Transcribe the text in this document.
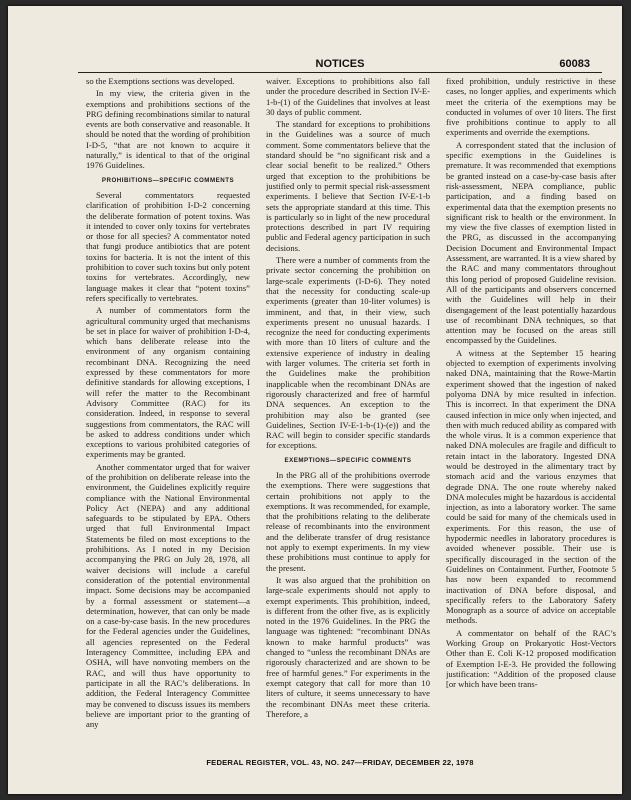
NOTICES	60083

so the Exemptions sections was developed.

In my view, the criteria given in the exemptions and prohibitions sections of the PRG defining recombinations similar to natural events are both conservative and reasonable. It should be noted that the wording of prohibition I-D-5, “that are not known to acquire it naturally,” is identical to that of the original 1976 Guidelines.

PROHIBITIONS—SPECIFIC COMMENTS

Several commentators requested clarification of prohibition I-D-2 concerning the deliberate formation of potent toxins. Was it intended to cover only toxins for vertebrates or those for all species? A commentator noted that fungi produce antibiotics that are potent toxins for bacteria. It is not the intent of this prohibition to cover such toxins but only potent toxins for vertebrates. Accordingly, new language makes it clear that “potent toxins” refers specifically to vertebrates.

A number of commentators form the agricultural community urged that mechanisms be set in place for waiver of prohibition I-D-4, which bans deliberate release into the environment of any organism containing recombinant DNA. Recognizing the need expressed by these commentators for more definitive standards for allowing exceptions, I will refer the matter to the Recombinant Advisory Committee (RAC) for its consideration. Indeed, in response to several suggestions from commentators, the RAC will be asked to address conditions under which exceptions to various prohibited categories of experiments may be granted.

Another commentator urged that for waiver of the prohibition on deliberate release into the environment, the Guidelines explicitly require compliance with the National Environmental Policy Act (NEPA) and any additional safeguards to be stipulated by EPA. Others urged that full Environmental Impact Statements be filed on most exceptions to the prohibitions. As I noted in my Decision accompanying the PRG on July 28, 1978, all waiver decisions will include a careful consideration of the potential environmental impact. Some decisions may be accompanied by a formal assessment or statement—a determination, however, that can only be made on a case-by-case basis. In the new procedures for the Federal agencies under the Guidelines, all agencies represented on the Federal Interagency Committee, including EPA and OSHA, will have nonvoting members on the RAC, and will thus have opportunity to participate in all the RAC’s deliberations. In addition, the Federal Interagency Committee may be convened to discuss issues its members believe are important prior to the granting of any

waiver. Exceptions to prohibitions also fall under the procedure described in Section IV-E-1-b-(1) of the Guidelines that involves at least 30 days of public comment.

The standard for exceptions to prohibitions in the Guidelines was a source of much comment. Some commentators believe that the standard should be “no significant risk and a clear social benefit to be realized.” Others urged that exception to the prohibitions be justified only to permit special risk-assessment experiments. I believe that Section IV-E-1-b sets the appropriate standard at this time. This is particularly so in light of the new procedural protections described in part IV requiring public and Federal agency participation in such decisions.

There were a number of comments from the private sector concerning the prohibition on large-scale experiments (I-D-6). They noted that the necessity for conducting scale-up experiments (greater than 10-liter volumes) is imminent, and that, in their view, such experiments present no unusual hazards. I recognize the need for conducting experiments with more than 10 liters of culture and the extensive experience of industry in dealing with larger volumes. The criteria set forth in the Guidelines make the prohibition inapplicable when the recombinant DNAs are rigorously characterized and free of harmful DNA sequences. An exception to the prohibition may also be granted (see Guidelines, Section IV-E-1-b-(1)-(e)) and the RAC will begin to consider specific standards for exceptions.

EXEMPTIONS—SPECIFIC COMMENTS

In the PRG all of the prohibitions overrode the exemptions. There were suggestions that certain prohibitions not apply to the exemptions. It was recommended, for example, that the prohibitions relating to the deliberate release of recombinants into the environment and the deliberate transfer of drug resistance not apply to exempt experiments. In my view these prohibitions must continue to apply for the present.

It was also argued that the prohibition on large-scale experiments should not apply to exempt experiments. This prohibition, indeed, is different from the other five, as is explicitly noted in the 1976 Guidelines. In the PRG the language was tightened: “recombinant DNAs known to make harmful products” was changed to “unless the recombinant DNAs are rigorously characterized and are shown to be free of harmful genes.” For experiments in the exempt category that call for more than 10 liters of culture, it seems unnecessary to have the recombinant DNAs meet these criteria. Therefore, a

fixed prohibition, unduly restrictive in these cases, no longer applies, and experiments which meet the criteria of the exemptions may be conducted in volumes of over 10 liters. The first five prohibitions continue to apply to all experiments and override the exemptions.

A correspondent stated that the inclusion of specific exemptions in the Guidelines is premature. It was recommended that exemptions be granted instead on a case-by-case basis after risk-assessment, NEPA compliance, public participation, and a finding based on experimental data that the exemption presents no significant risk to health or the environment. In my view the five classes of exemption listed in the PRG, as discussed in the accompanying Decision Document and Environmental Impact Assessment, are warranted. It is a view shared by the RAC and many commentators throughout this long period of proposed Guideline revision. All of the participants and observers concerned with the Guidelines will help in their disengagement of the least potentially hazardous use of recombinant DNA techniques, so that attention may be focused on the areas still encompassed by the Guidelines.

A witness at the September 15 hearing objected to exemption of experiments involving naked DNA, maintaining that the Rowe-Martin experiment showed that the ingestion of naked polyoma DNA by mice resulted in infection. This is incorrect. In that experiment the DNA caused infection in mice only when injected, and then with much reduced ability as compared with the whole virus. It is a common experience that naked DNA molecules are fragile and difficult to retain intact in the laboratory. Ingested DNA would be destroyed in the alimentary tract by stomach acid and the various enzymes that degrade DNA. The one route whereby naked DNA molecules might be hazardous is accidental injection, as into a laboratory worker. The same could be said for many of the chemicals used in experiments. For this reason, the use of hypodermic needles in laboratory procedures is avoided whenever possible. Their use is specifically discouraged in the section of the Guidelines on Containment. Further, Footnote 5 has now been expanded to recommend inactivation of DNA before disposal, and specifically refers to the Laboratory Safety Monograph as a source of advice on acceptable methods.

A commentator on behalf of the RAC’s Working Group on Prokaryotic Host-Vectors Other than E. Coli K-12 proposed modification of Exemption I-E-3. He provided the following justification: “Addition of the proposed clause [or which have been trans-

FEDERAL REGISTER, VOL. 43, NO. 247—FRIDAY, DECEMBER 22, 1978
